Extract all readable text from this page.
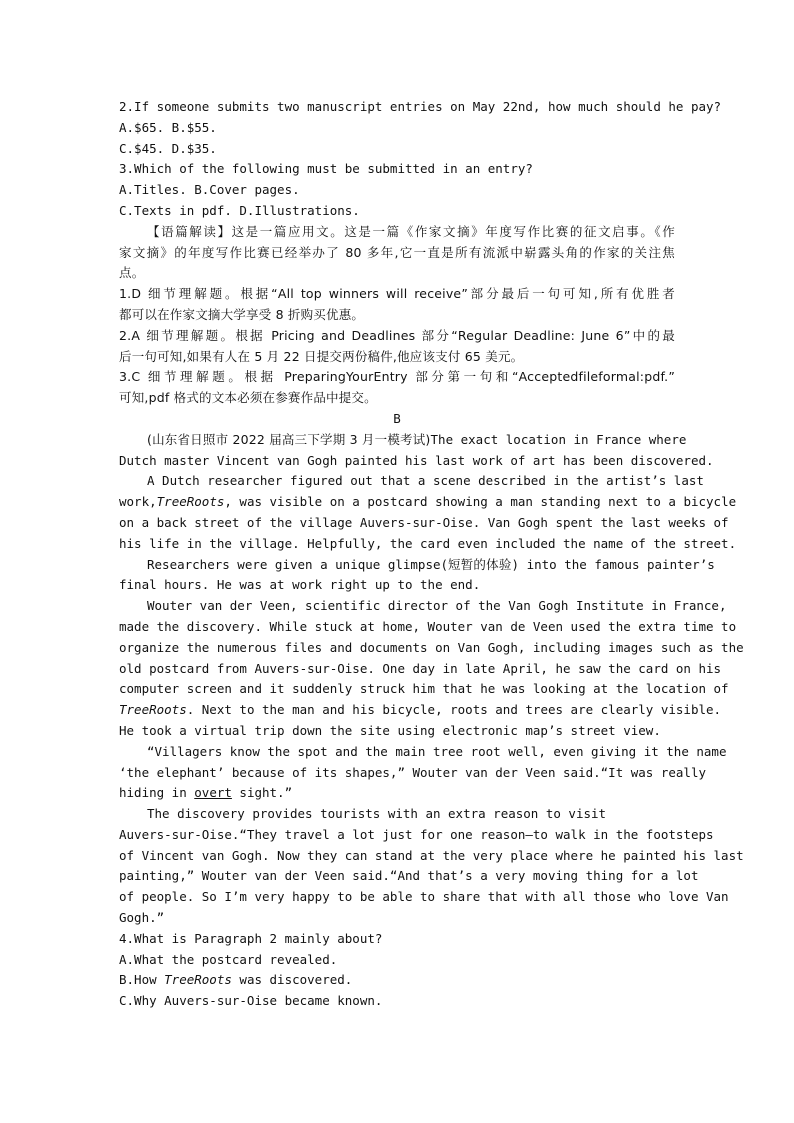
2.If someone submits two manuscript entries on May 22nd, how much should he pay?
A.$65. B.$55.
C.$45. D.$35.
3.Which of the following must be submitted in an entry?
A.Titles. B.Cover pages.
C.Texts in pdf. D.Illustrations.
【语篇解读】这是一篇应用文。这是一篇《作家文摘》年度写作比赛的征文启事。《作
家文摘》的年度写作比赛已经举办了 80 多年,它一直是所有流派中崭露头角的作家的关注焦
点。
1.D 细节理解题。根据“All top winners will receive”部分最后一句可知,所有优胜者
都可以在作家文摘大学享受 8 折购买优惠。
2.A 细节理解题。根据 Pricing and Deadlines 部分“Regular Deadline: June 6”中的最
后一句可知,如果有人在 5 月 22 日提交两份稿件,他应该支付 65 美元。
3.C 细节理解题。根据 PreparingYourEntry 部分第一句和“Acceptedfileformal:pdf.”
可知,pdf 格式的文本必须在参赛作品中提交。
B
(山东省日照市 2022 届高三下学期 3 月一模考试)The exact location in France where
Dutch master Vincent van Gogh painted his last work of art has been discovered.
A Dutch researcher figured out that a scene described in the artist’s last
work,TreeRoots, was visible on a postcard showing a man standing next to a bicycle
on a back street of the village Auvers-sur-Oise. Van Gogh spent the last weeks of
his life in the village. Helpfully, the card even included the name of the street.
Researchers were given a unique glimpse(短暂的体验) into the famous painter’s
final hours. He was at work right up to the end.
Wouter van der Veen, scientific director of the Van Gogh Institute in France,
made the discovery. While stuck at home, Wouter van de Veen used the extra time to
organize the numerous files and documents on Van Gogh, including images such as the
old postcard from Auvers-sur-Oise. One day in late April, he saw the card on his
computer screen and it suddenly struck him that he was looking at the location of
TreeRoots. Next to the man and his bicycle, roots and trees are clearly visible.
He took a virtual trip down the site using electronic map’s street view.
“Villagers know the spot and the main tree root well, even giving it the name
‘the elephant’ because of its shapes,” Wouter van der Veen said.“It was really
hiding in overt sight.”
The discovery provides tourists with an extra reason to visit
Auvers-sur-Oise.“They travel a lot just for one reason—to walk in the footsteps
of Vincent van Gogh. Now they can stand at the very place where he painted his last
painting,” Wouter van der Veen said.“And that’s a very moving thing for a lot
of people. So I’m very happy to be able to share that with all those who love Van
Gogh.”
4.What is Paragraph 2 mainly about?
A.What the postcard revealed.
B.How TreeRoots was discovered.
C.Why Auvers-sur-Oise became known.
